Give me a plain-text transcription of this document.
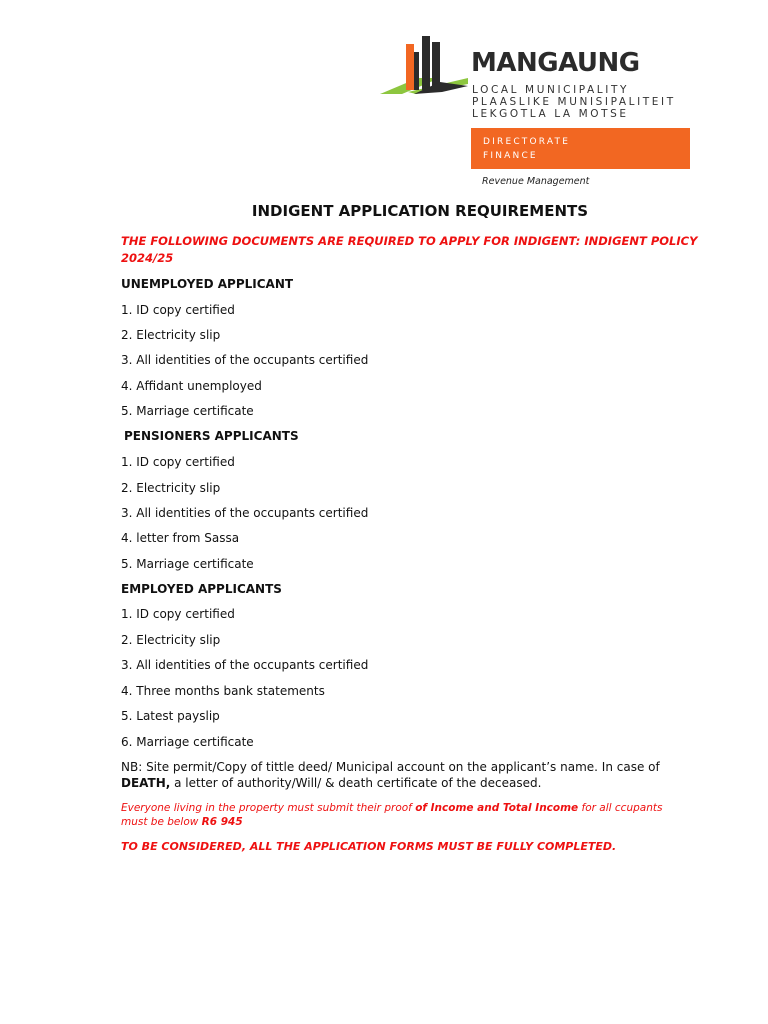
MANGAUNG
LOCAL MUNICIPALITY
PLAASLIKE MUNISIPALITEIT
LEKGOTLA LA MOTSE
DIRECTORATE
FINANCE
Revenue Management
INDIGENT APPLICATION REQUIREMENTS
THE FOLLOWING DOCUMENTS ARE REQUIRED TO APPLY FOR INDIGENT: INDIGENT POLICY 2024/25
UNEMPLOYED APPLICANT
1. ID copy certified
2. Electricity slip
3. All identities of the occupants certified
4. Affidant unemployed
5. Marriage certificate
PENSIONERS APPLICANTS
1. ID copy certified
2. Electricity slip
3. All identities of the occupants certified
4. letter from Sassa
5. Marriage certificate
EMPLOYED APPLICANTS
1. ID copy certified
2. Electricity slip
3. All identities of the occupants certified
4. Three months bank statements
5. Latest payslip
6. Marriage certificate
NB: Site permit/Copy of tittle deed/ Municipal account on the applicant’s name. In case of
DEATH, a letter of authority/Will/ & death certificate of the deceased.
Everyone living in the property must submit their proof of Income and Total Income for all ccupants must be below R6 945
TO BE CONSIDERED, ALL THE APPLICATION FORMS MUST BE FULLY COMPLETED.
